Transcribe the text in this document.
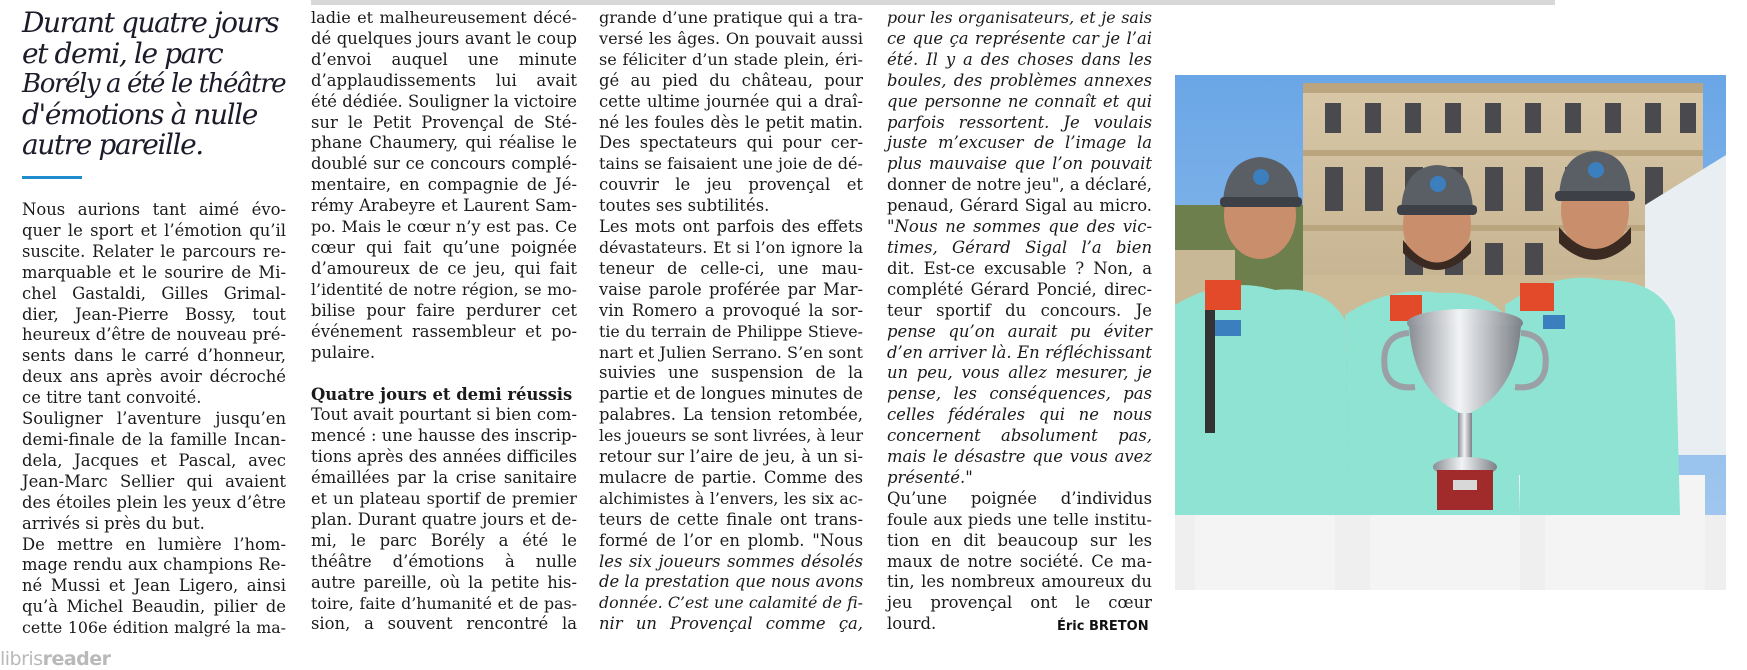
Durant quatre jours
et demi, le parc
Borély a été le théâtre
d'émotions à nulle
autre pareille.
Nous aurions tant aimé évo-
quer le sport et l’émotion qu’il
suscite. Relater le parcours re-
marquable et le sourire de Mi-
chel Gastaldi, Gilles Grimal-
dier, Jean-Pierre Bossy, tout
heureux d’être de nouveau pré-
sents dans le carré d’honneur,
deux ans après avoir décroché
ce titre tant convoité.
Souligner l’aventure jusqu’en
demi-finale de la famille Incan-
dela, Jacques et Pascal, avec
Jean-Marc Sellier qui avaient
des étoiles plein les yeux d’être
arrivés si près du but.
De mettre en lumière l’hom-
mage rendu aux champions Re-
né Mussi et Jean Ligero, ainsi
qu’à Michel Beaudin, pilier de
cette 106e édition malgré la ma-
ladie et malheureusement décé-
dé quelques jours avant le coup
d’envoi auquel une minute
d’applaudissements lui avait
été dédiée. Souligner la victoire
sur le Petit Provençal de Sté-
phane Chaumery, qui réalise le
doublé sur ce concours complé-
mentaire, en compagnie de Jé-
rémy Arabeyre et Laurent Sam-
po. Mais le cœur n’y est pas. Ce
cœur qui fait qu’une poignée
d’amoureux de ce jeu, qui fait
l’identité de notre région, se mo-
bilise pour faire perdurer cet
événement rassembleur et po-
pulaire.
Quatre jours et demi réussis
Tout avait pourtant si bien com-
mencé : une hausse des inscrip-
tions après des années difficiles
émaillées par la crise sanitaire
et un plateau sportif de premier
plan. Durant quatre jours et de-
mi, le parc Borély a été le
théâtre d’émotions à nulle
autre pareille, où la petite his-
toire, faite d’humanité et de pas-
sion, a souvent rencontré la
grande d’une pratique qui a tra-
versé les âges. On pouvait aussi
se féliciter d’un stade plein, éri-
gé au pied du château, pour
cette ultime journée qui a draî-
né les foules dès le petit matin.
Des spectateurs qui pour cer-
tains se faisaient une joie de dé-
couvrir le jeu provençal et
toutes ses subtilités.
Les mots ont parfois des effets
dévastateurs. Et si l’on ignore la
teneur de celle-ci, une mau-
vaise parole proférée par Mar-
vin Romero a provoqué la sor-
tie du terrain de Philippe Stieve-
nart et Julien Serrano. S’en sont
suivies une suspension de la
partie et de longues minutes de
palabres. La tension retombée,
les joueurs se sont livrées, à leur
retour sur l’aire de jeu, à un si-
mulacre de partie. Comme des
alchimistes à l’envers, les six ac-
teurs de cette finale ont trans-
formé de l’or en plomb. "Nous
les six joueurs sommes désolés
de la prestation que nous avons
donnée. C’est une calamité de fi-
nir un Provençal comme ça,
pour les organisateurs, et je sais
ce que ça représente car je l’ai
été. Il y a des choses dans les
boules, des problèmes annexes
que personne ne connaît et qui
parfois ressortent. Je voulais
juste m’excuser de l’image la
plus mauvaise que l’on pouvait
donner de notre jeu", a déclaré,
penaud, Gérard Sigal au micro.
"Nous ne sommes que des vic-
times, Gérard Sigal l’a bien
dit. Est-ce excusable ? Non, a
complété Gérard Poncié, direc-
teur sportif du concours. Je
pense qu’on aurait pu éviter
d’en arriver là. En réfléchissant
un peu, vous allez mesurer, je
pense, les conséquences, pas
celles fédérales qui ne nous
concernent absolument pas,
mais le désastre que vous avez
présenté."
Qu’une poignée d’individus
foule aux pieds une telle institu-
tion en dit beaucoup sur les
maux de notre société. Ce ma-
tin, les nombreux amoureux du
jeu provençal ont le cœur
lourd.	Éric BRETON
librisreader
